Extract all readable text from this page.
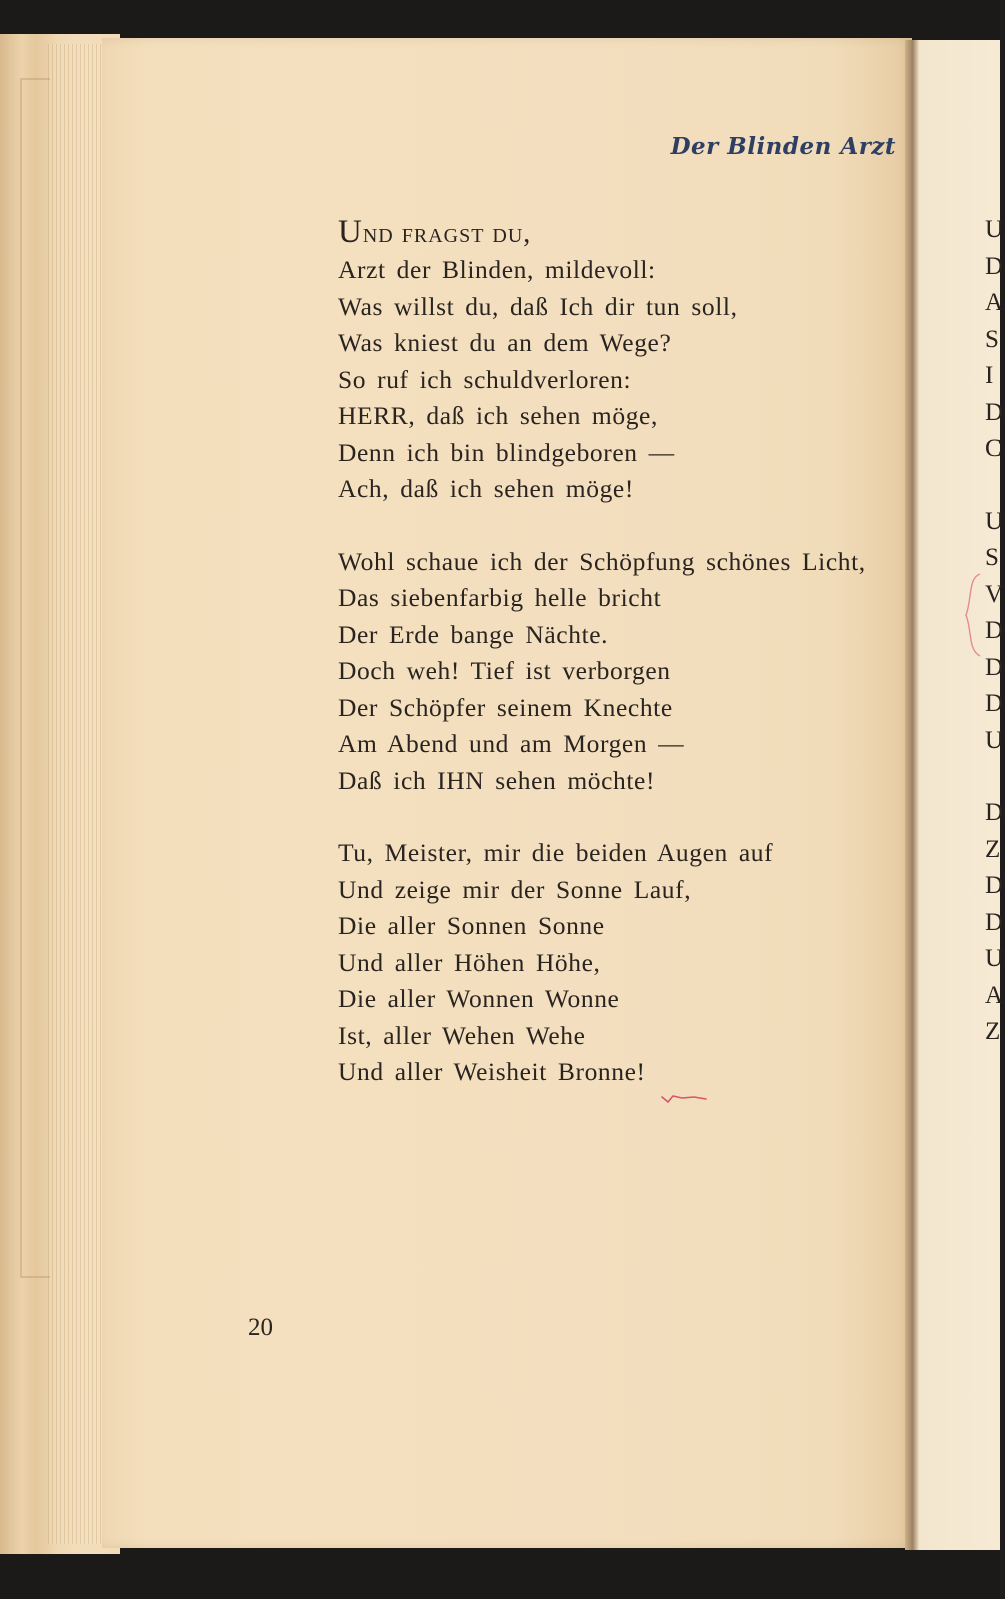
Der Blinden Arzt
Und fragst du,
Arzt der Blinden, mildevoll:
Was willst du, daß Ich dir tun soll,
Was kniest du an dem Wege?
So ruf ich schuldverloren:
HERR, daß ich sehen möge,
Denn ich bin blindgeboren —
Ach, daß ich sehen möge!
Wohl schaue ich der Schöpfung schönes Licht,
Das siebenfarbig helle bricht
Der Erde bange Nächte.
Doch weh! Tief ist verborgen
Der Schöpfer seinem Knechte
Am Abend und am Morgen —
Daß ich IHN sehen möchte!
Tu, Meister, mir die beiden Augen auf
Und zeige mir der Sonne Lauf,
Die aller Sonnen Sonne
Und aller Höhen Höhe,
Die aller Wonnen Wonne
Ist, aller Wehen Wehe
Und aller Weisheit Bronne!
20
U
D
A
S
I
D
C
U
S
V
D
D
D
U
D
Z
D
D
U
A
Z
